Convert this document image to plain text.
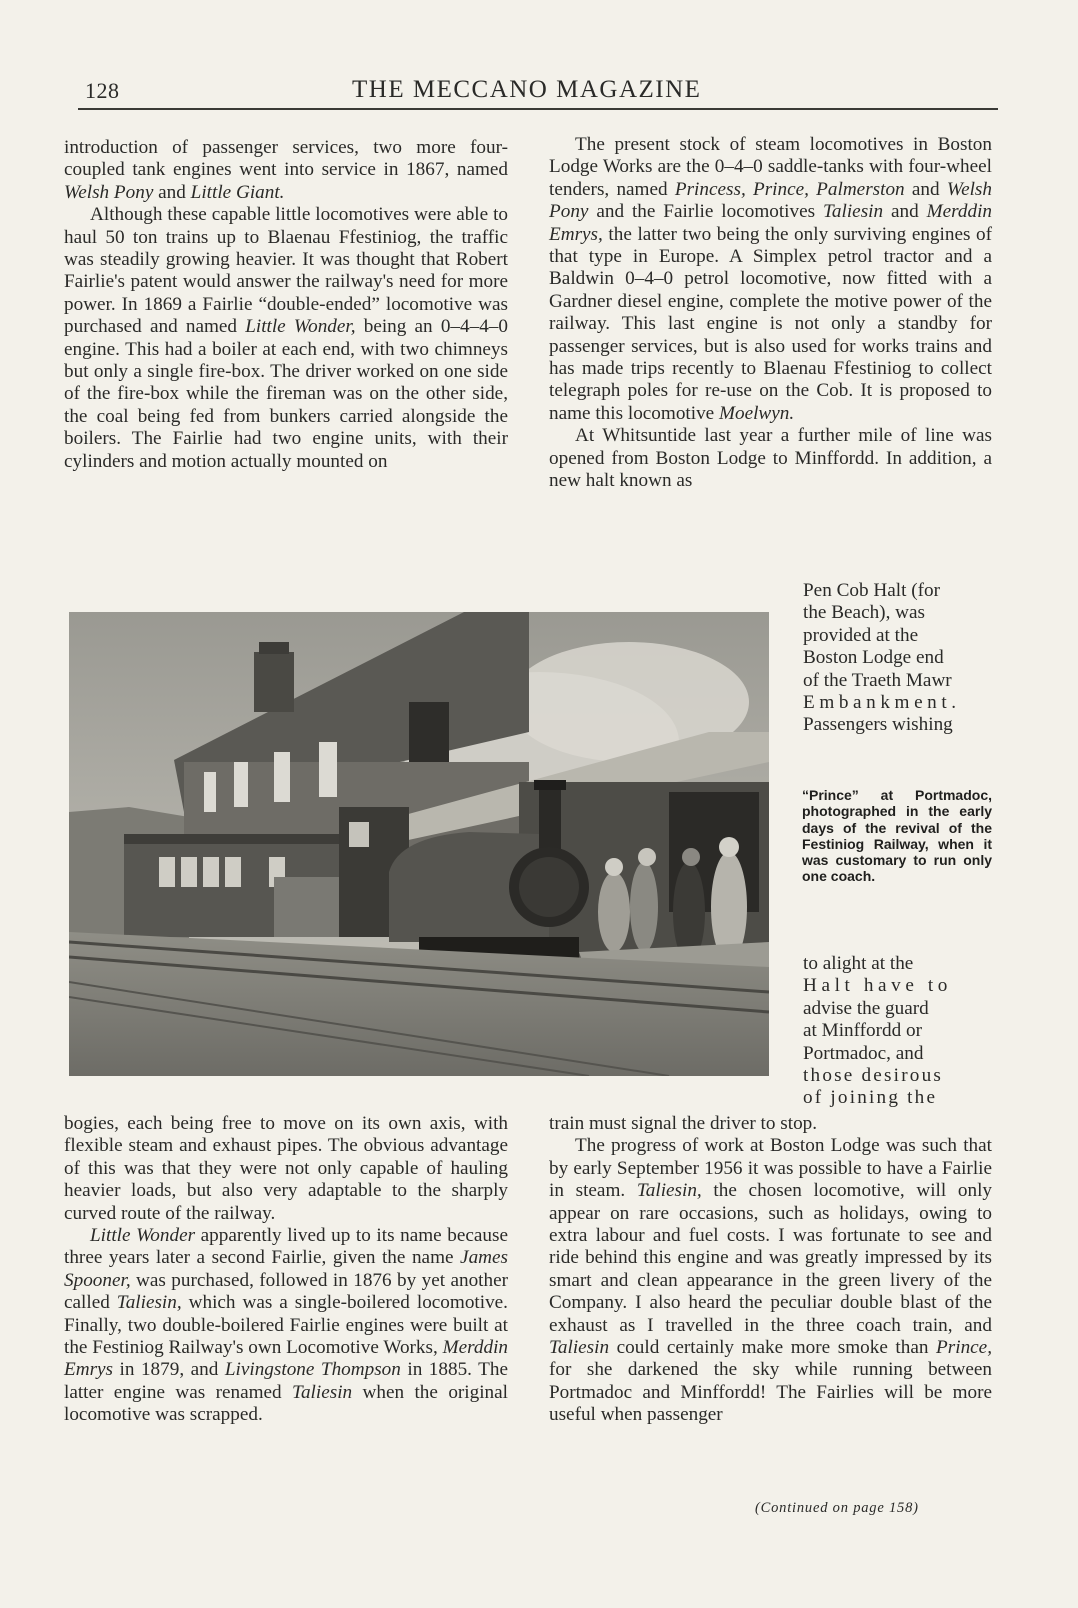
128	THE MECCANO MAGAZINE

introduction of passenger services, two more four-coupled tank engines went into service in 1867, named Welsh Pony and Little Giant.

Although these capable little locomotives were able to haul 50 ton trains up to Blaenau Ffestiniog, the traffic was steadily growing heavier. It was thought that Robert Fairlie's patent would answer the railway's need for more power. In 1869 a Fairlie “double-ended” locomotive was purchased and named Little Wonder, being an 0–4–4–0 engine. This had a boiler at each end, with two chimneys but only a single fire-box. The driver worked on one side of the fire-box while the fireman was on the other side, the coal being fed from bunkers carried alongside the boilers. The Fairlie had two engine units, with their cylinders and motion actually mounted on

The present stock of steam locomotives in Boston Lodge Works are the 0–4–0 saddle-tanks with four-wheel tenders, named Princess, Prince, Palmerston and Welsh Pony and the Fairlie locomotives Taliesin and Merddin Emrys, the latter two being the only surviving engines of that type in Europe. A Simplex petrol tractor and a Baldwin 0–4–0 petrol locomotive, now fitted with a Gardner diesel engine, complete the motive power of the railway. This last engine is not only a standby for passenger services, but is also used for works trains and has made trips recently to Blaenau Ffestiniog to collect telegraph poles for re-use on the Cob. It is proposed to name this locomotive Moelwyn.

At Whitsuntide last year a further mile of line was opened from Boston Lodge to Minffordd. In addition, a new halt known as

Pen Cob Halt (for
the Beach), was
provided at the
Boston Lodge end
of the Traeth Mawr
Embankment.
Passengers wishing
“Prince” at Portmadoc, photographed in the early days of the revival of the Festiniog Railway, when it was customary to run only one coach.
to alight at the
Halt have to
advise the guard
at Minffordd or
Portmadoc, and
those desirous
of joining the

bogies, each being free to move on its own axis, with flexible steam and exhaust pipes. The obvious advantage of this was that they were not only capable of hauling heavier loads, but also very adaptable to the sharply curved route of the railway.

Little Wonder apparently lived up to its name because three years later a second Fairlie, given the name James Spooner, was purchased, followed in 1876 by yet another called Taliesin, which was a single-boilered locomotive. Finally, two double-boilered Fairlie engines were built at the Festiniog Railway's own Locomotive Works, Merddin Emrys in 1879, and Livingstone Thompson in 1885. The latter engine was renamed Taliesin when the original locomotive was scrapped.

train must signal the driver to stop.

The progress of work at Boston Lodge was such that by early September 1956 it was possible to have a Fairlie in steam. Taliesin, the chosen locomotive, will only appear on rare occasions, such as holidays, owing to extra labour and fuel costs. I was fortunate to see and ride behind this engine and was greatly impressed by its smart and clean appearance in the green livery of the Company. I also heard the peculiar double blast of the exhaust as I travelled in the three coach train, and Taliesin could certainly make more smoke than Prince, for she darkened the sky while running between Portmadoc and Minffordd! The Fairlies will be more useful when passenger

(Continued on page 158)
